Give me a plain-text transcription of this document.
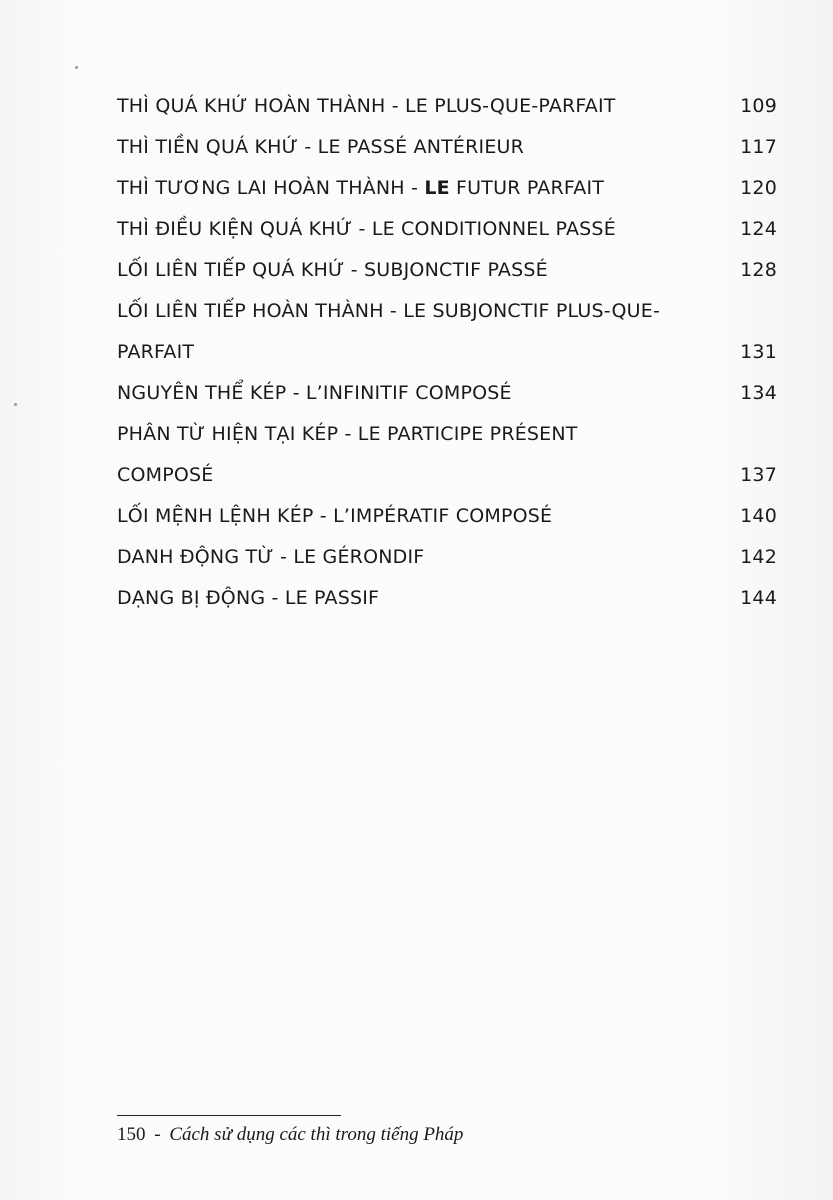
THÌ QUÁ KHỨ HOÀN THÀNH - LE PLUS-QUE-PARFAIT	109
THÌ TIỀN QUÁ KHỨ - LE PASSÉ ANTÉRIEUR	117
THÌ TƯƠNG LAI HOÀN THÀNH - LE FUTUR PARFAIT	120
THÌ ĐIỀU KIỆN QUÁ KHỨ - LE CONDITIONNEL PASSÉ	124
LỐI LIÊN TIẾP QUÁ KHỨ - SUBJONCTIF PASSÉ	128
LỐI LIÊN TIẾP HOÀN THÀNH - LE SUBJONCTIF PLUS-QUE-
PARFAIT	131
NGUYÊN THỂ KÉP - L’INFINITIF COMPOSÉ	134
PHÂN TỪ HIỆN TẠI KÉP - LE PARTICIPE PRÉSENT
COMPOSÉ	137
LỐI MỆNH LỆNH KÉP - L’IMPÉRATIF COMPOSÉ	140
DANH ĐỘNG TỪ - LE GÉRONDIF	142
DẠNG BỊ ĐỘNG - LE PASSIF	144
150 - Cách sử dụng các thì trong tiếng Pháp
